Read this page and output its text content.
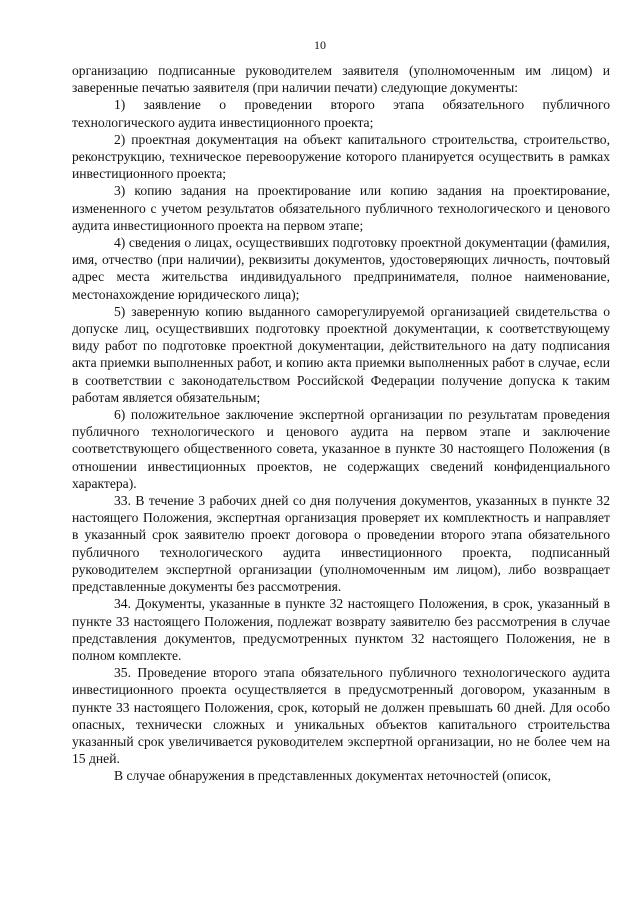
10

организацию подписанные руководителем заявителя (уполномоченным им лицом) и заверенные печатью заявителя (при наличии печати) следующие документы:

1) заявление о проведении второго этапа обязательного публичного технологического аудита инвестиционного проекта;

2) проектная документация на объект капитального строительства, строительство, реконструкцию, техническое перевооружение которого планируется осуществить в рамках инвестиционного проекта;

3) копию задания на проектирование или копию задания на проектирование, измененного с учетом результатов обязательного публичного технологического и ценового аудита инвестиционного проекта на первом этапе;

4) сведения о лицах, осуществивших подготовку проектной документации (фамилия, имя, отчество (при наличии), реквизиты документов, удостоверяющих личность, почтовый адрес места жительства индивидуального предпринимателя, полное наименование, местонахождение юридического лица);

5) заверенную копию выданного саморегулируемой организацией свидетельства о допуске лиц, осуществивших подготовку проектной документации, к соответствующему виду работ по подготовке проектной документации, действительного на дату подписания акта приемки выполненных работ, и копию акта приемки выполненных работ в случае, если в соответствии с законодательством Российской Федерации получение допуска к таким работам является обязательным;

6) положительное заключение экспертной организации по результатам проведения публичного технологического и ценового аудита на первом этапе и заключение соответствующего общественного совета, указанное в пункте 30 настоящего Положения (в отношении инвестиционных проектов, не содержащих сведений конфиденциального характера).

33. В течение 3 рабочих дней со дня получения документов, указанных в пункте 32 настоящего Положения, экспертная организация проверяет их комплектность и направляет в указанный срок заявителю проект договора о проведении второго этапа обязательного публичного технологического аудита инвестиционного проекта, подписанный руководителем экспертной организации (уполномоченным им лицом), либо возвращает представленные документы без рассмотрения.

34. Документы, указанные в пункте 32 настоящего Положения, в срок, указанный в пункте 33 настоящего Положения, подлежат возврату заявителю без рассмотрения в случае представления документов, предусмотренных пунктом 32 настоящего Положения, не в полном комплекте.

35. Проведение второго этапа обязательного публичного технологического аудита инвестиционного проекта осуществляется в предусмотренный договором, указанным в пункте 33 настоящего Положения, срок, который не должен превышать 60 дней. Для особо опасных, технически сложных и уникальных объектов капитального строительства указанный срок увеличивается руководителем экспертной организации, но не более чем на 15 дней.

В случае обнаружения в представленных документах неточностей (описок,
